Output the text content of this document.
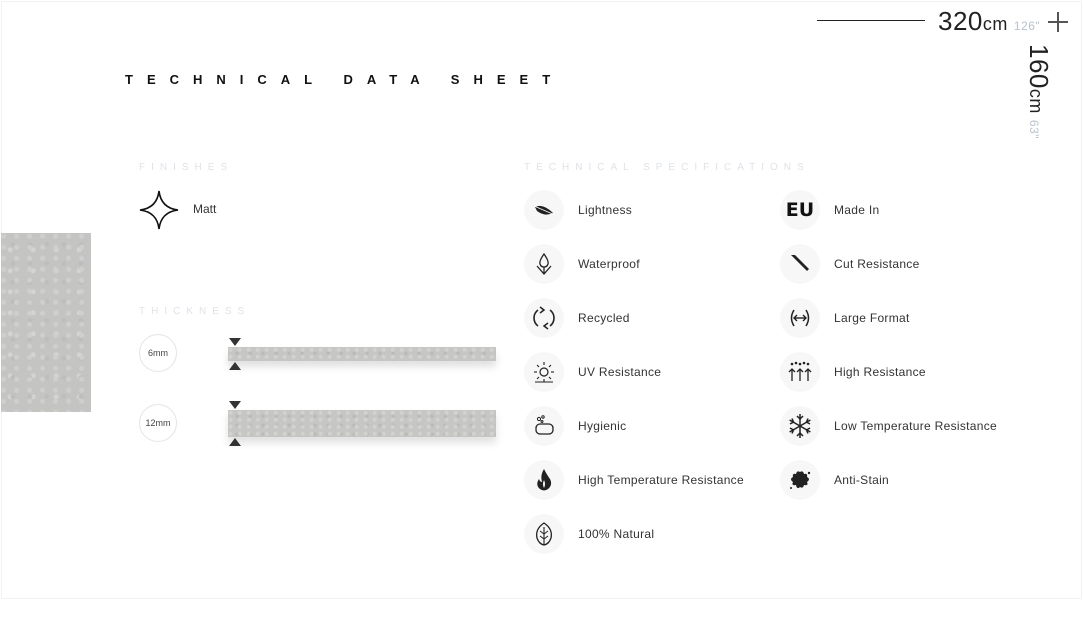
320cm 126"
160cm63"
TECHNICAL DATA SHEET
FINISHES
Matt
THICKNESS
6mm
12mm
TECHNICAL SPECIFICATIONS
Lightness
Waterproof
Recycled
UV Resistance
Hygienic
High Temperature Resistance
100% Natural
EU Made In
Cut Resistance
Large Format
High Resistance
Low Temperature Resistance
Anti-Stain
